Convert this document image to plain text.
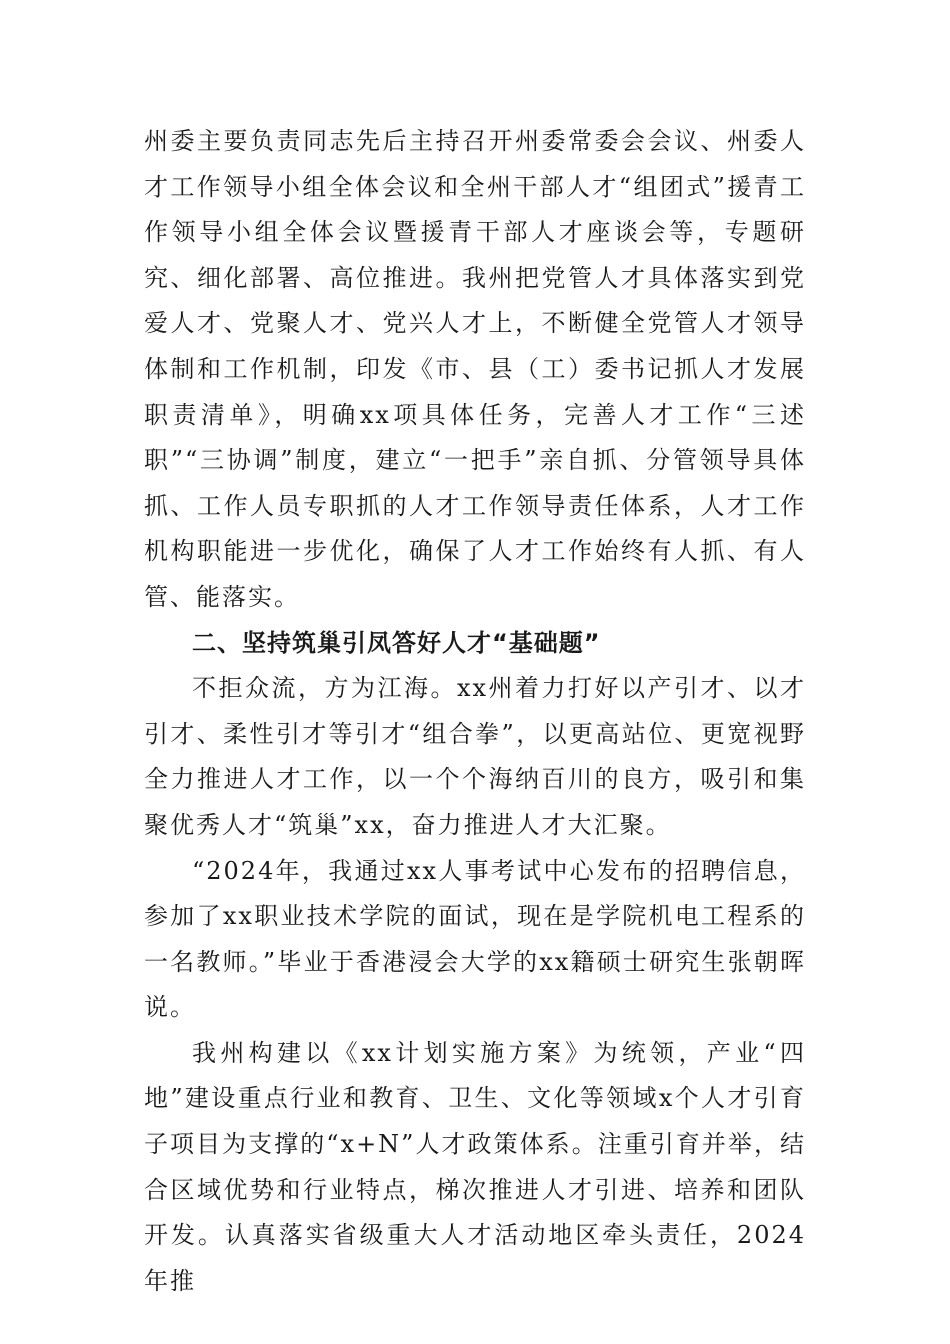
州委主要负责同志先后主持召开州委常委会会议、州委人才工作领导小组全体会议和全州干部人才“组团式”援青工作领导小组全体会议暨援青干部人才座谈会等，专题研究、细化部署、高位推进。我州把党管人才具体落实到党爱人才、党聚人才、党兴人才上，不断健全党管人才领导体制和工作机制，印发《市、县（工）委书记抓人才发展职责清单》，明确xx项具体任务，完善人才工作“三述职”“三协调”制度，建立“一把手”亲自抓、分管领导具体抓、工作人员专职抓的人才工作领导责任体系，人才工作机构职能进一步优化，确保了人才工作始终有人抓、有人管、能落实。

二、坚持筑巢引凤答好人才“基础题”

不拒众流，方为江海。xx州着力打好以产引才、以才引才、柔性引才等引才“组合拳”，以更高站位、更宽视野全力推进人才工作，以一个个海纳百川的良方，吸引和集聚优秀人才“筑巢”xx，奋力推进人才大汇聚。

“2024年，我通过xx人事考试中心发布的招聘信息，参加了xx职业技术学院的面试，现在是学院机电工程系的一名教师。”毕业于香港浸会大学的xx籍硕士研究生张朝晖说。

我州构建以《xx计划实施方案》为统领，产业“四地”建设重点行业和教育、卫生、文化等领域x个人才引育子项目为支撑的“x+N”人才政策体系。注重引育并举，结合区域优势和行业特点，梯次推进人才引进、培养和团队开发。认真落实省级重大人才活动地区牵头责任，2024年推
